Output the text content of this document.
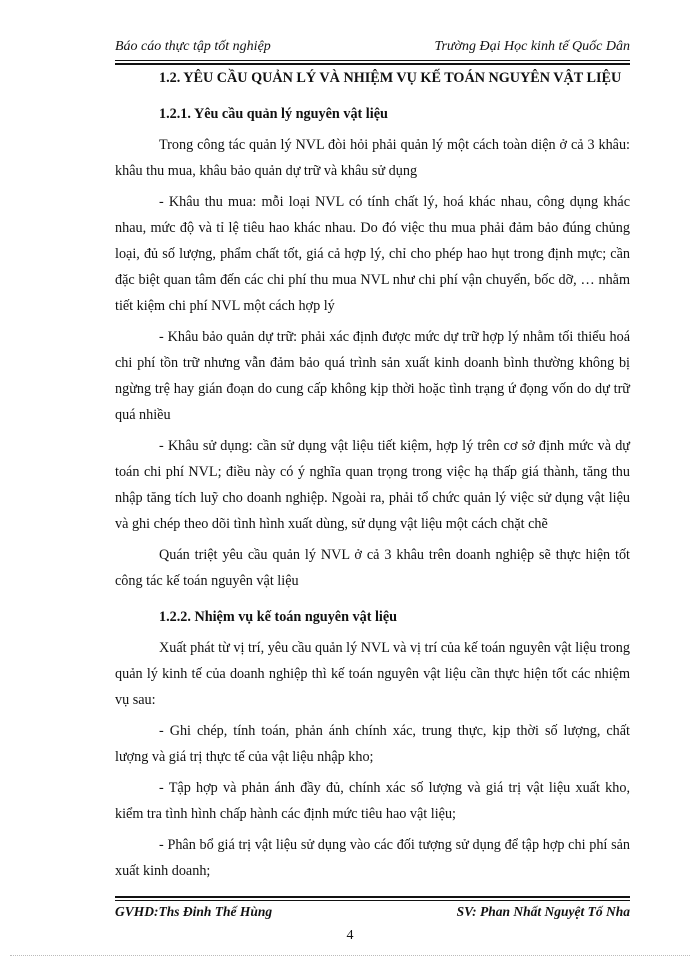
Báo cáo thực tập tốt nghiệp	Trường Đại Học kinh tế Quốc Dân

1.2. YÊU CẦU QUẢN LÝ VÀ NHIỆM VỤ KẾ TOÁN NGUYÊN VẬT LIỆU

1.2.1. Yêu cầu quản lý nguyên vật liệu

Trong công tác quản lý NVL đòi hỏi phải quản lý một cách toàn diện ở cả 3 khâu: khâu thu mua, khâu bảo quản dự trữ và khâu sử dụng

- Khâu thu mua: mỗi loại NVL có tính chất lý, hoá khác nhau, công dụng khác nhau, mức độ và tỉ lệ tiêu hao khác nhau. Do đó việc thu mua phải đảm bảo đúng chủng loại, đủ số lượng, phẩm chất tốt, giá cả hợp lý, chỉ cho phép hao hụt trong định mực; cần đặc biệt quan tâm đến các chi phí thu mua NVL như chi phí vận chuyển, bốc dỡ, … nhằm tiết kiệm chi phí NVL một cách hợp lý

- Khâu bảo quản dự trữ: phải xác định được mức dự trữ hợp lý nhằm tối thiểu hoá chi phí tồn trữ nhưng vẫn đảm bảo quá trình sản xuất kinh doanh bình thường không bị ngừng trệ hay gián đoạn do cung cấp không kịp thời hoặc tình trạng ứ đọng vốn do dự trữ quá nhiều

- Khâu sử dụng: cần sử dụng vật liệu tiết kiệm, hợp lý trên cơ sở định mức và dự toán chi phí NVL; điều này có ý nghĩa quan trọng trong việc hạ thấp giá thành, tăng thu nhập tăng tích luỹ cho doanh nghiệp. Ngoài ra, phải tổ chức quản lý việc sử dụng vật liệu và ghi chép theo dõi tình hình xuất dùng, sử dụng vật liệu một cách chặt chẽ

Quán triệt yêu cầu quản lý NVL ở cả 3 khâu trên doanh nghiệp sẽ thực hiện tốt công tác kế toán nguyên vật liệu

1.2.2. Nhiệm vụ kế toán nguyên vật liệu

Xuất phát từ vị trí, yêu cầu quản lý NVL và vị trí của kế toán nguyên vật liệu trong quản lý kinh tế của doanh nghiệp thì kế toán nguyên vật liệu cần thực hiện tốt các nhiệm vụ sau:

- Ghi chép, tính toán, phản ánh chính xác, trung thực, kịp thời số lượng, chất lượng và giá trị thực tế của vật liệu nhập kho;

- Tập hợp và phản ánh đầy đủ, chính xác số lượng và giá trị vật liệu xuất kho, kiểm tra tình hình chấp hành các định mức tiêu hao vật liệu;

- Phân bổ giá trị vật liệu sử dụng vào các đối tượng sử dụng để tập hợp chi phí sản xuất kinh doanh;

GVHD:Ths Đinh Thế Hùng	SV: Phan Nhất Nguyệt Tố Nha
4
